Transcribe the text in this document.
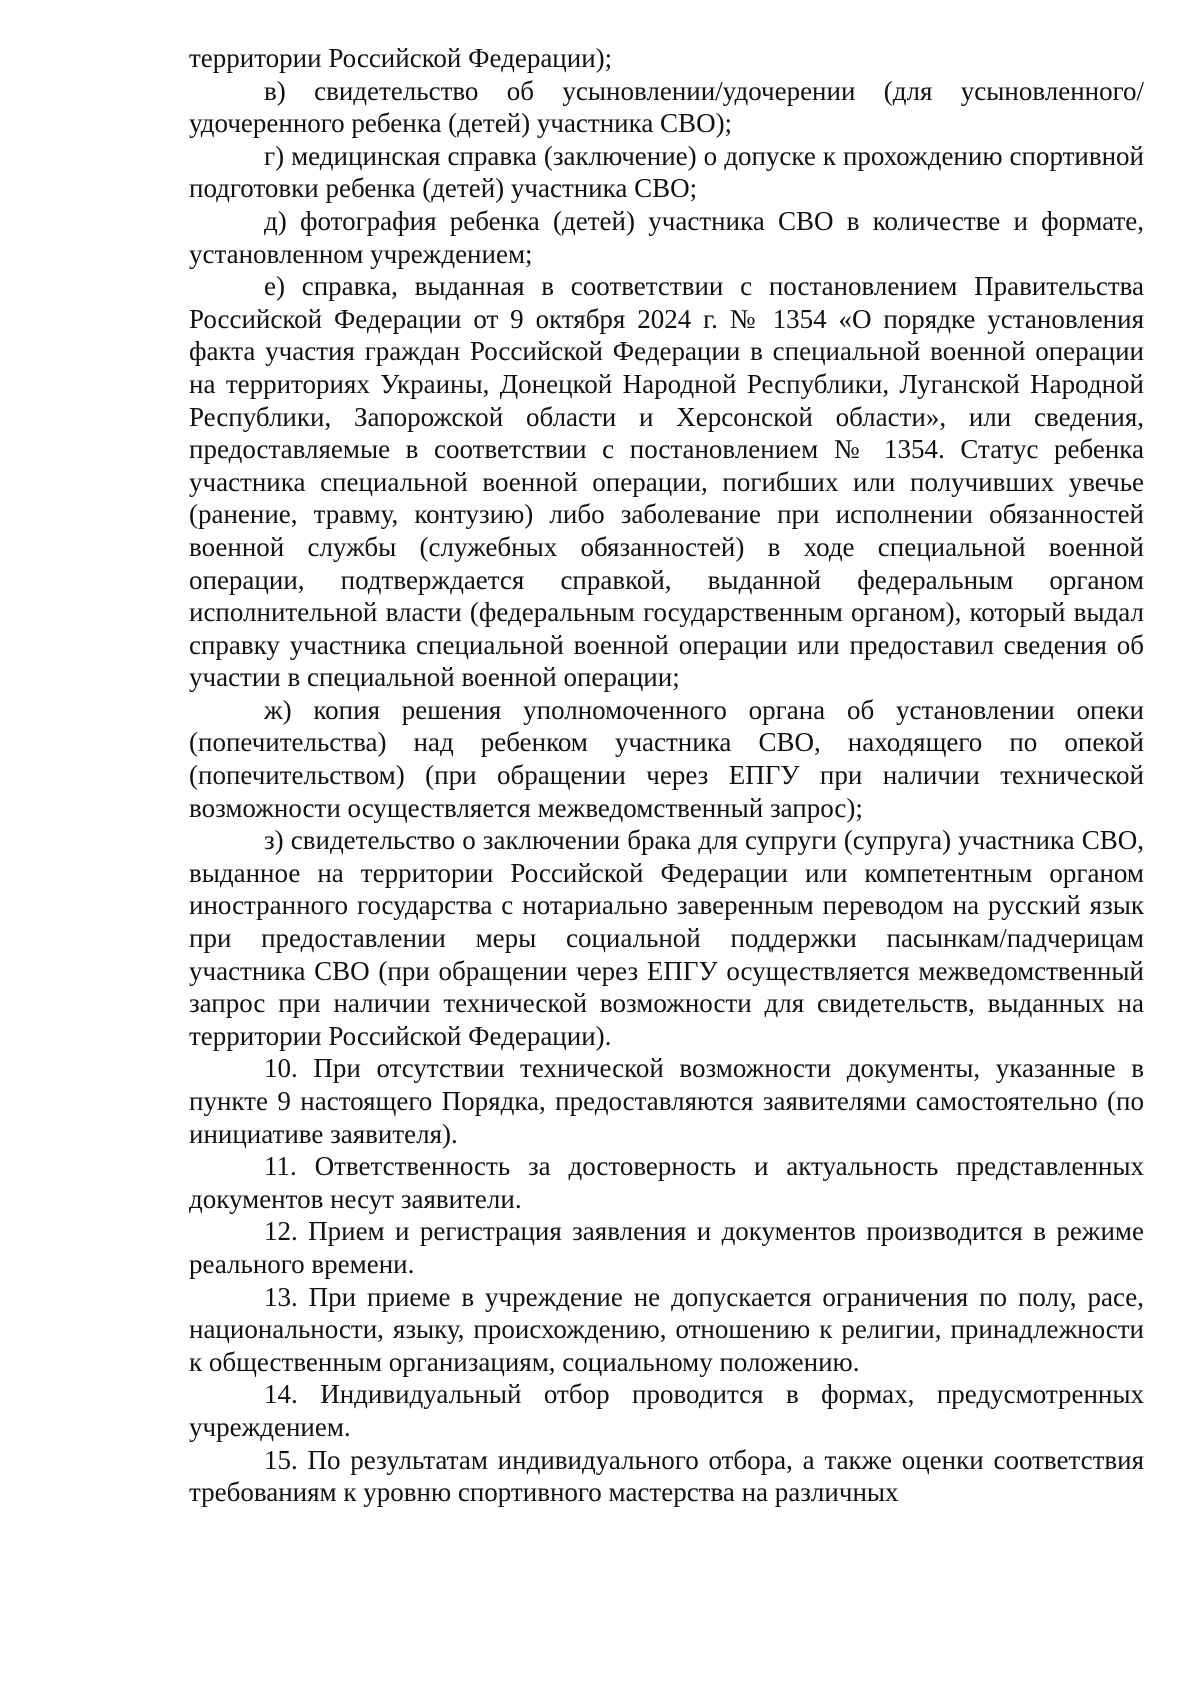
территории Российской Федерации);

в) свидетельство об усыновлении/удочерении (для усыновленного/удочеренного ребенка (детей) участника СВО);

г) медицинская справка (заключение) о допуске к прохождению спортивной подготовки ребенка (детей) участника СВО;

д) фотография ребенка (детей) участника СВО в количестве и формате, установленном учреждением;

е) справка, выданная в соответствии с постановлением Правительства Российской Федерации от 9 октября 2024 г. № 1354 «О порядке установления факта участия граждан Российской Федерации в специальной военной операции на территориях Украины, Донецкой Народной Республики, Луганской Народной Республики, Запорожской области и Херсонской области», или сведения, предоставляемые в соответствии с постановлением № 1354. Статус ребенка участника специальной военной операции, погибших или получивших увечье (ранение, травму, контузию) либо заболевание при исполнении обязанностей военной службы (служебных обязанностей) в ходе специальной военной операции, подтверждается справкой, выданной федеральным органом исполнительной власти (федеральным государственным органом), который выдал справку участника специальной военной операции или предоставил сведения об участии в специальной военной операции;

ж) копия решения уполномоченного органа об установлении опеки (попечительства) над ребенком участника СВО, находящего по опекой (попечительством) (при обращении через ЕПГУ при наличии технической возможности осуществляется межведомственный запрос);

з) свидетельство о заключении брака для супруги (супруга) участника СВО, выданное на территории Российской Федерации или компетентным органом иностранного государства с нотариально заверенным переводом на русский язык при предоставлении меры социальной поддержки пасынкам/падчерицам участника СВО (при обращении через ЕПГУ осуществляется межведомственный запрос при наличии технической возможности для свидетельств, выданных на территории Российской Федерации).

10. При отсутствии технической возможности документы, указанные в пункте 9 настоящего Порядка, предоставляются заявителями самостоятельно (по инициативе заявителя).

11. Ответственность за достоверность и актуальность представленных документов несут заявители.

12. Прием и регистрация заявления и документов производится в режиме реального времени.

13. При приеме в учреждение не допускается ограничения по полу, расе, национальности, языку, происхождению, отношению к религии, принадлежности к общественным организациям, социальному положению.

14. Индивидуальный отбор проводится в формах, предусмотренных учреждением.

15. По результатам индивидуального отбора, а также оценки соответствия требованиям к уровню спортивного мастерства на различных
